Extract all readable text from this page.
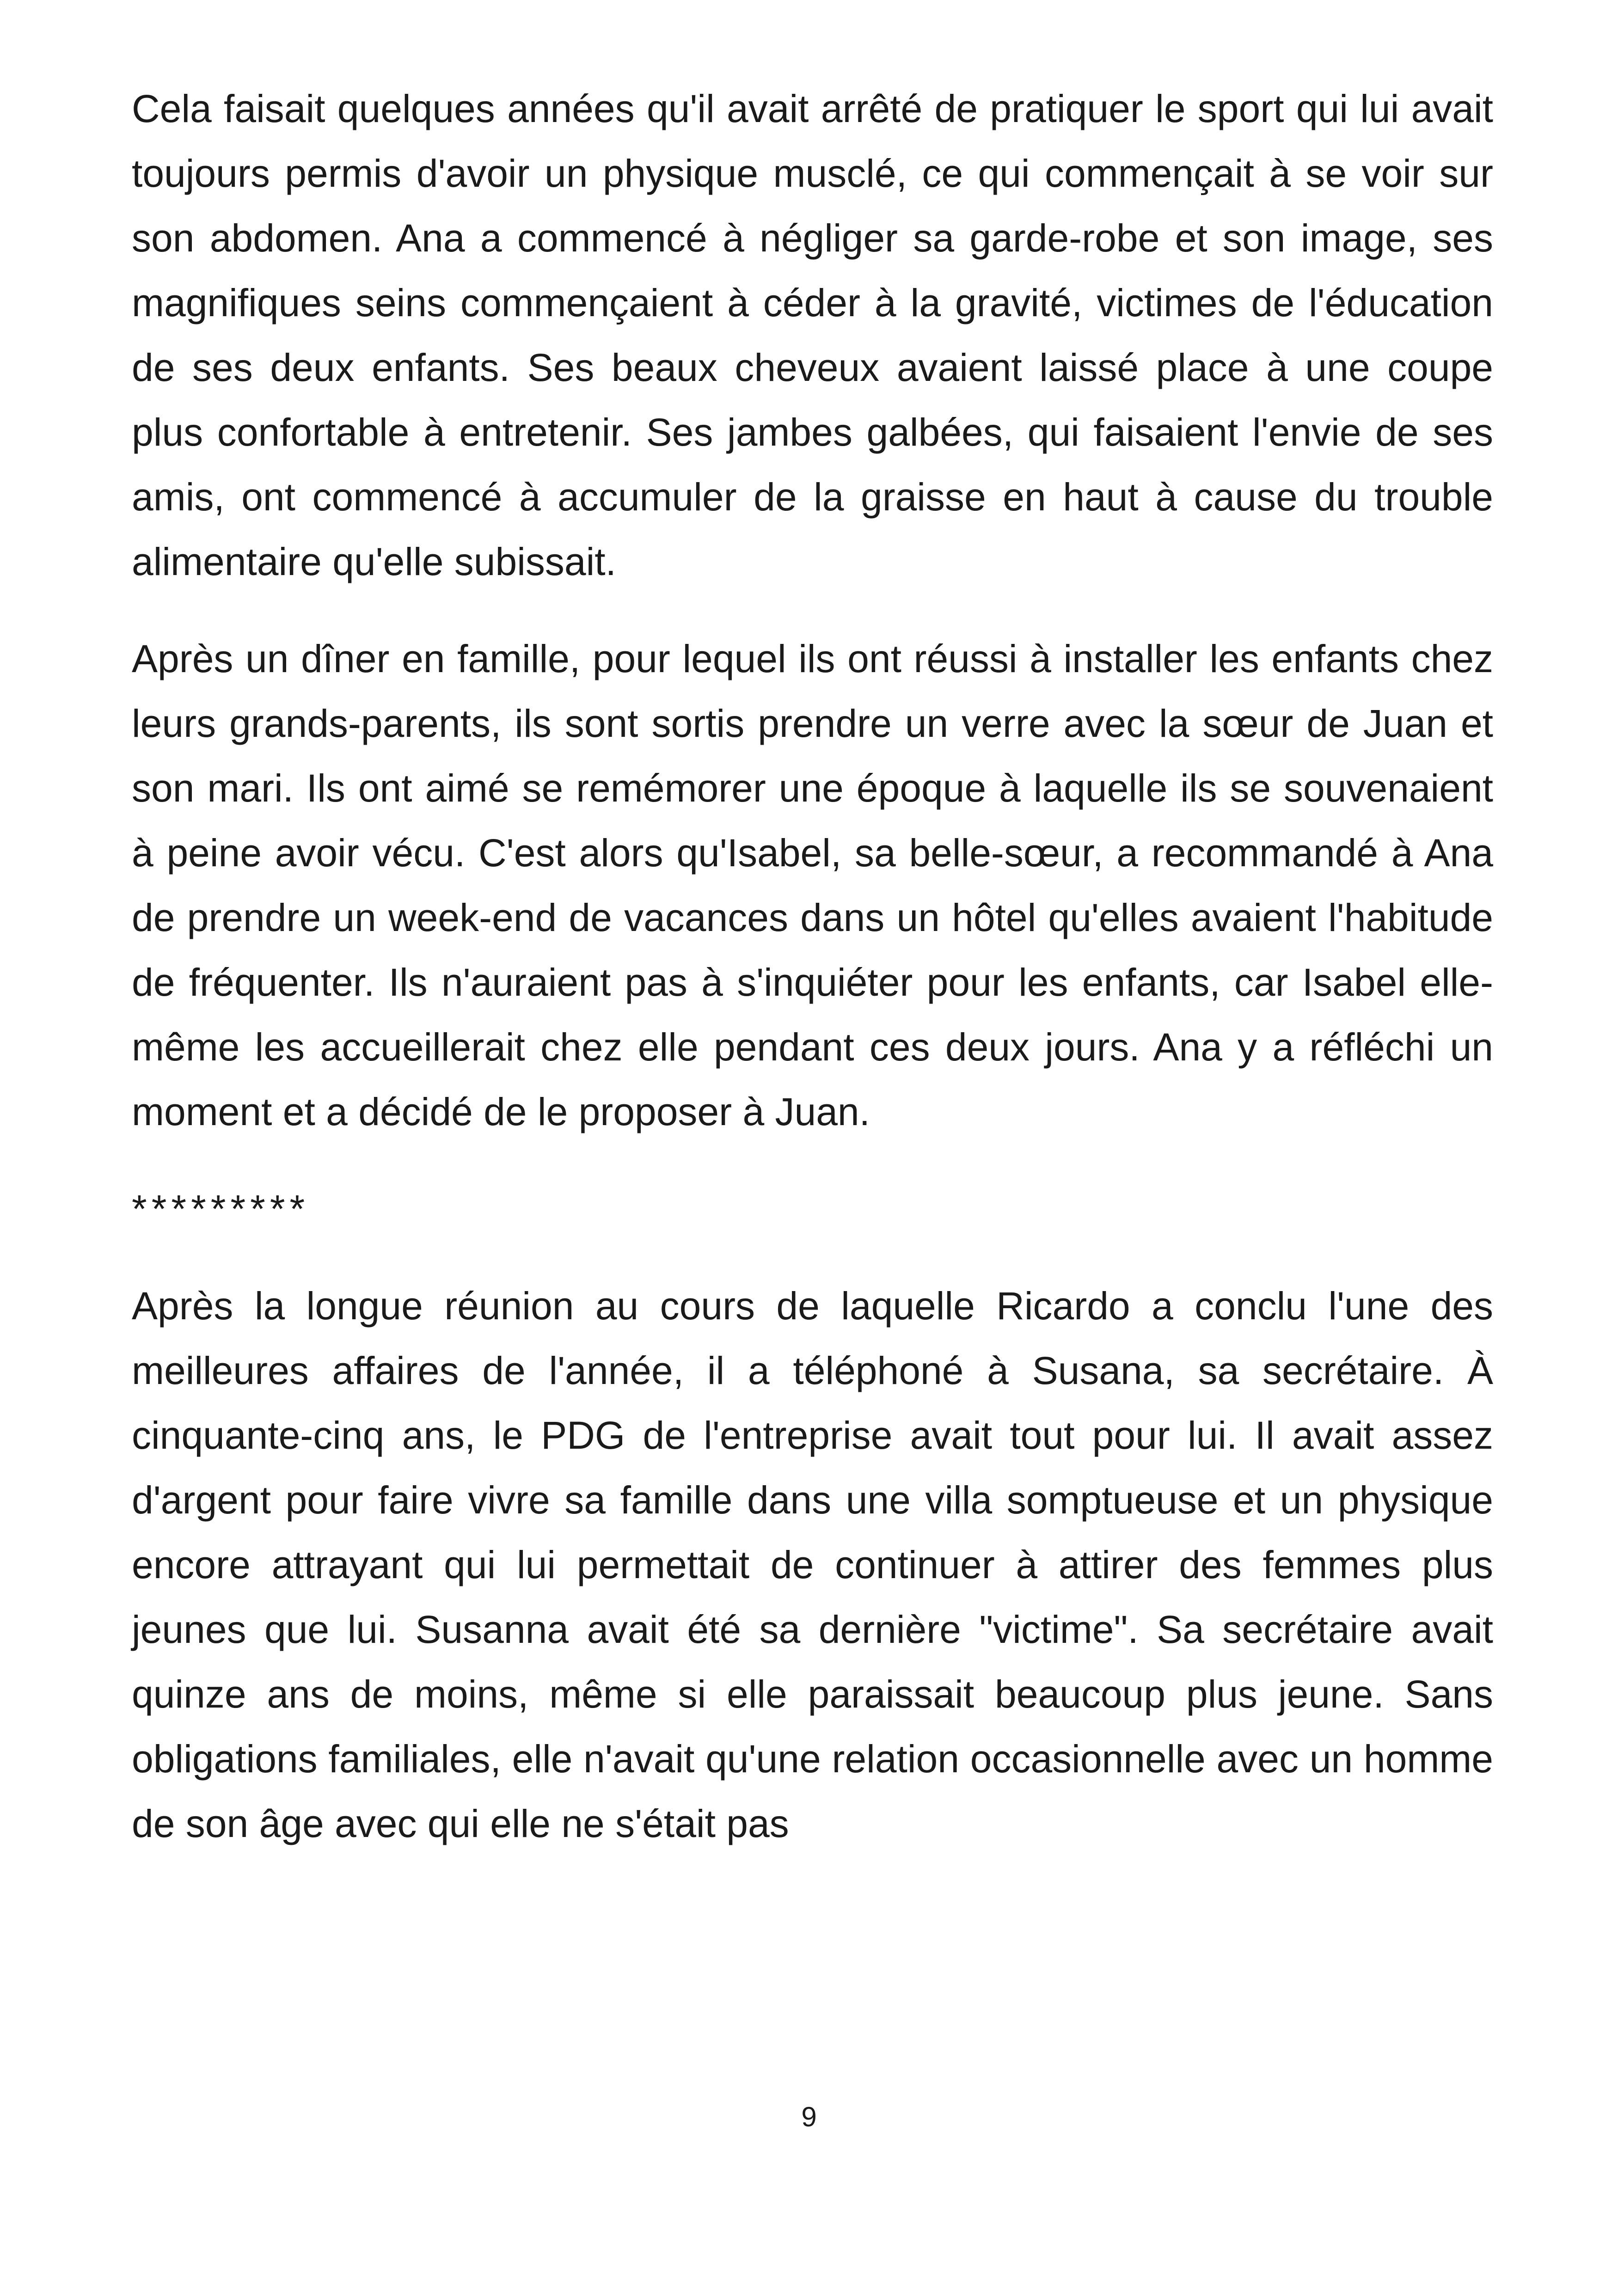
Cela faisait quelques années qu'il avait arrêté de pratiquer le sport qui lui avait toujours permis d'avoir un physique musclé, ce qui commençait à se voir sur son abdomen. Ana a commencé à négliger sa garde-robe et son image, ses magnifiques seins commençaient à céder à la gravité, victimes de l'éducation de ses deux enfants. Ses beaux cheveux avaient laissé place à une coupe plus confortable à entretenir. Ses jambes galbées, qui faisaient l'envie de ses amis, ont commencé à accumuler de la graisse en haut à cause du trouble alimentaire qu'elle subissait.

Après un dîner en famille, pour lequel ils ont réussi à installer les enfants chez leurs grands-parents, ils sont sortis prendre un verre avec la sœur de Juan et son mari. Ils ont aimé se remémorer une époque à laquelle ils se souvenaient à peine avoir vécu. C'est alors qu'Isabel, sa belle-sœur, a recommandé à Ana de prendre un week-end de vacances dans un hôtel qu'elles avaient l'habitude de fréquenter. Ils n'auraient pas à s'inquiéter pour les enfants, car Isabel elle-même les accueillerait chez elle pendant ces deux jours. Ana y a réfléchi un moment et a décidé de le proposer à Juan.

*********

Après la longue réunion au cours de laquelle Ricardo a conclu l'une des meilleures affaires de l'année, il a téléphoné à Susana, sa secrétaire. À cinquante-cinq ans, le PDG de l'entreprise avait tout pour lui. Il avait assez d'argent pour faire vivre sa famille dans une villa somptueuse et un physique encore attrayant qui lui permettait de continuer à attirer des femmes plus jeunes que lui. Susanna avait été sa dernière "victime". Sa secrétaire avait quinze ans de moins, même si elle paraissait beaucoup plus jeune. Sans obligations familiales, elle n'avait qu'une relation occasionnelle avec un homme de son âge avec qui elle ne s'était pas

9
